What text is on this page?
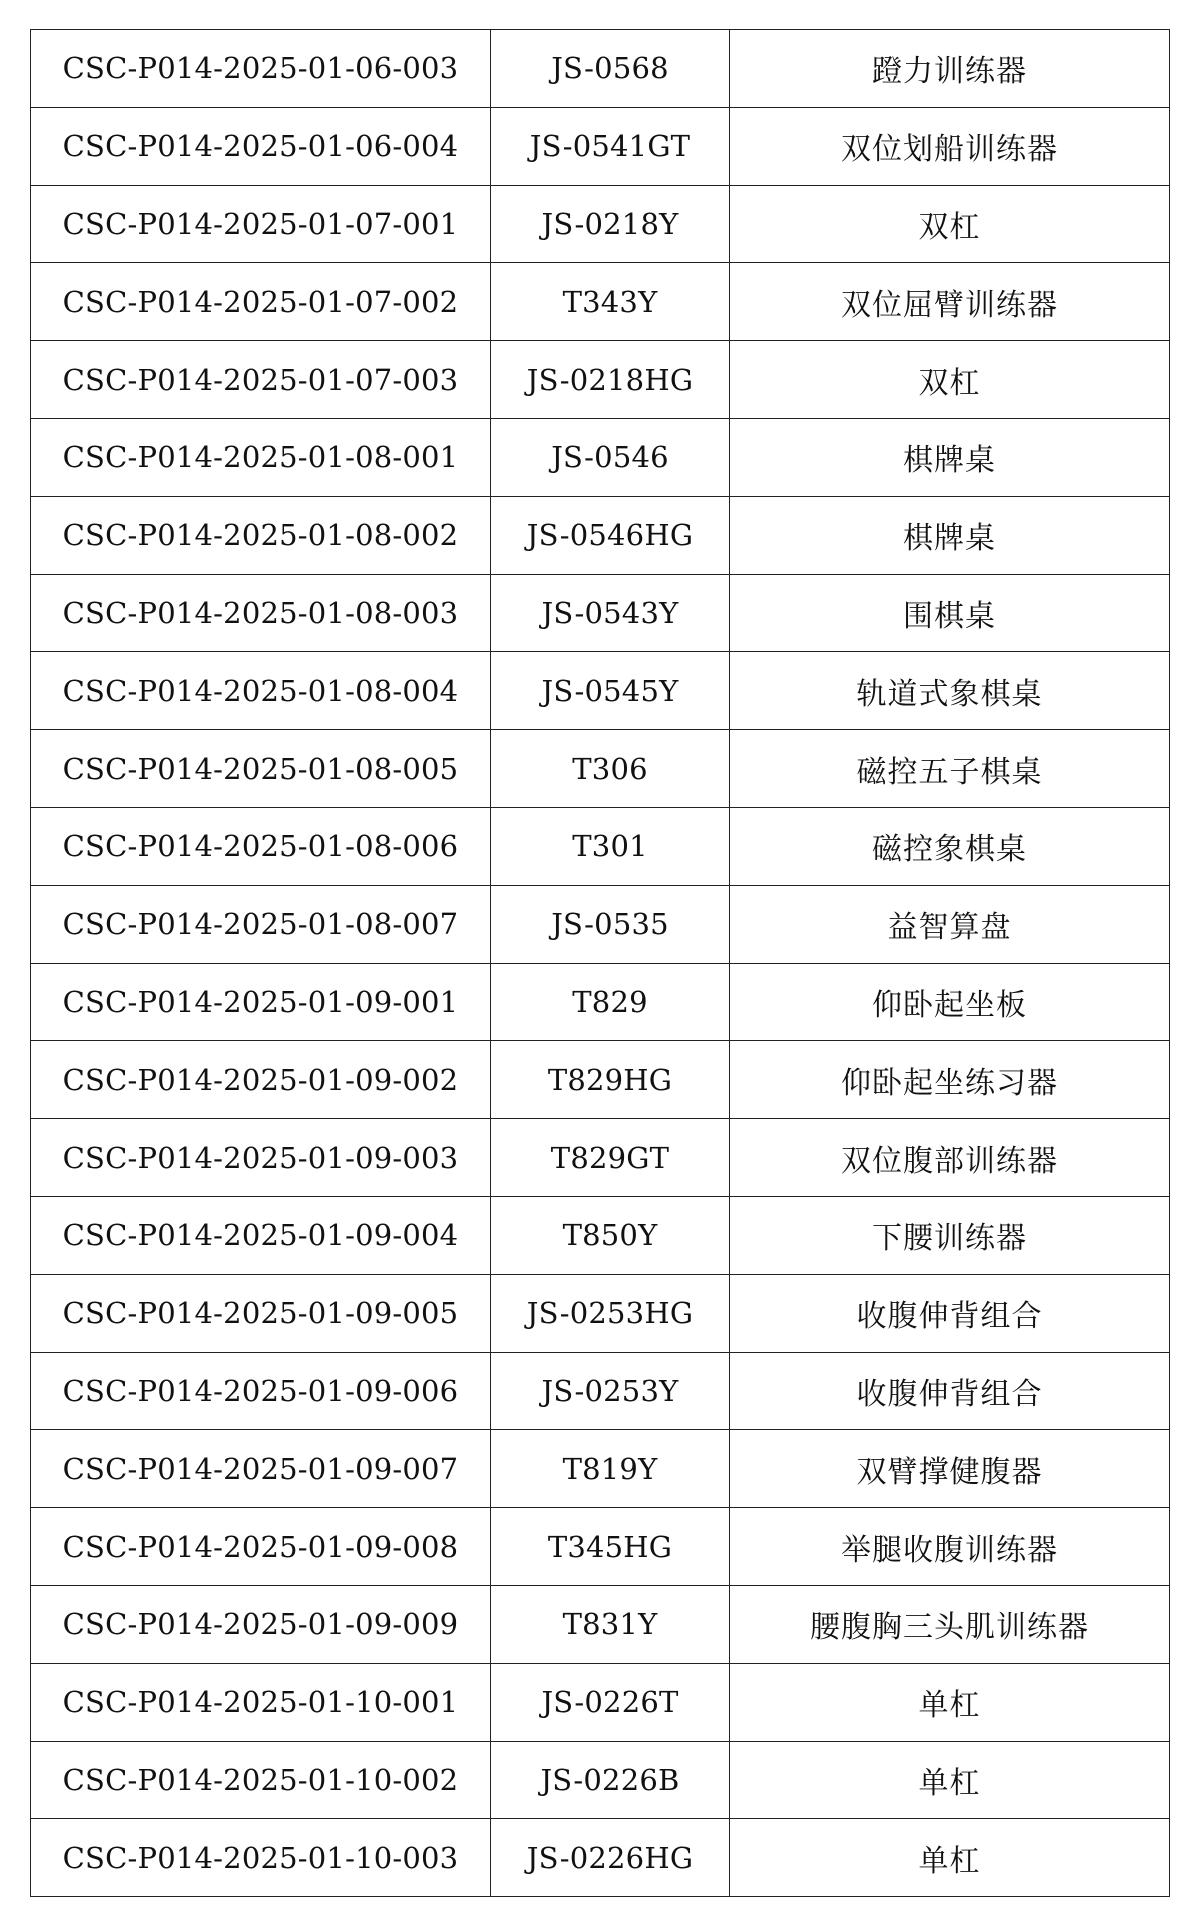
CSC-P014-2025-01-06-003	JS-0568	蹬力训练器
CSC-P014-2025-01-06-004	JS-0541GT	双位划船训练器
CSC-P014-2025-01-07-001	JS-0218Y	双杠
CSC-P014-2025-01-07-002	T343Y	双位屈臂训练器
CSC-P014-2025-01-07-003	JS-0218HG	双杠
CSC-P014-2025-01-08-001	JS-0546	棋牌桌
CSC-P014-2025-01-08-002	JS-0546HG	棋牌桌
CSC-P014-2025-01-08-003	JS-0543Y	围棋桌
CSC-P014-2025-01-08-004	JS-0545Y	轨道式象棋桌
CSC-P014-2025-01-08-005	T306	磁控五子棋桌
CSC-P014-2025-01-08-006	T301	磁控象棋桌
CSC-P014-2025-01-08-007	JS-0535	益智算盘
CSC-P014-2025-01-09-001	T829	仰卧起坐板
CSC-P014-2025-01-09-002	T829HG	仰卧起坐练习器
CSC-P014-2025-01-09-003	T829GT	双位腹部训练器
CSC-P014-2025-01-09-004	T850Y	下腰训练器
CSC-P014-2025-01-09-005	JS-0253HG	收腹伸背组合
CSC-P014-2025-01-09-006	JS-0253Y	收腹伸背组合
CSC-P014-2025-01-09-007	T819Y	双臂撑健腹器
CSC-P014-2025-01-09-008	T345HG	举腿收腹训练器
CSC-P014-2025-01-09-009	T831Y	腰腹胸三头肌训练器
CSC-P014-2025-01-10-001	JS-0226T	单杠
CSC-P014-2025-01-10-002	JS-0226B	单杠
CSC-P014-2025-01-10-003	JS-0226HG	单杠
